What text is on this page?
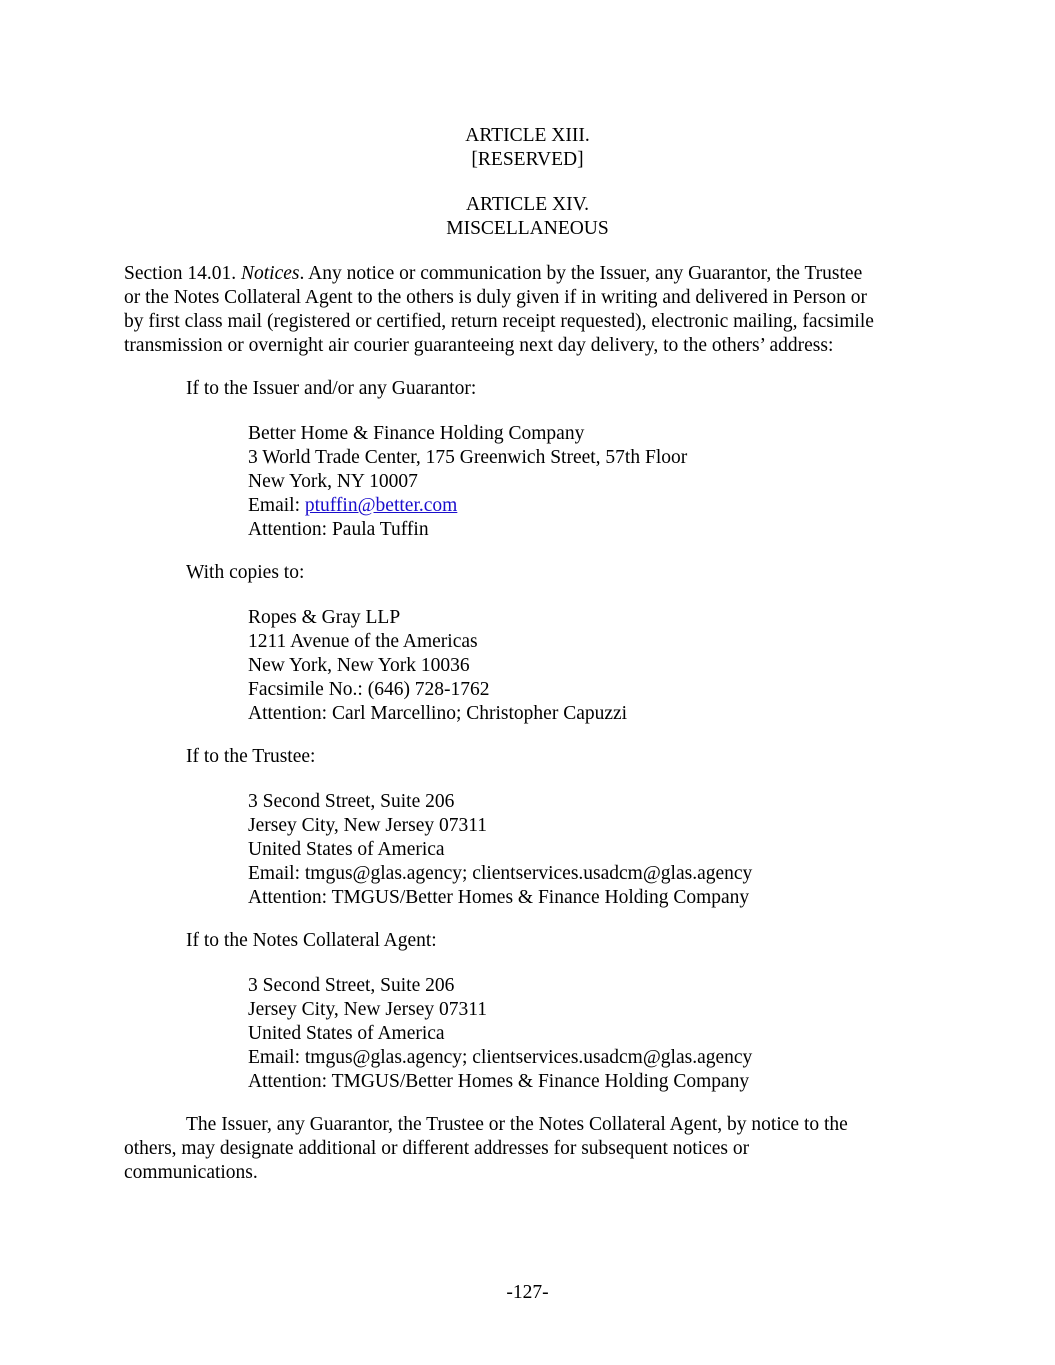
ARTICLE XIII.
[RESERVED]
ARTICLE XIV.
MISCELLANEOUS
Section 14.01. Notices. Any notice or communication by the Issuer, any Guarantor, the Trustee
or the Notes Collateral Agent to the others is duly given if in writing and delivered in Person or
by first class mail (registered or certified, return receipt requested), electronic mailing, facsimile
transmission or overnight air courier guaranteeing next day delivery, to the others’ address:
If to the Issuer and/or any Guarantor:
Better Home & Finance Holding Company
3 World Trade Center, 175 Greenwich Street, 57th Floor
New York, NY 10007
Email: ptuffin@better.com
Attention: Paula Tuffin
With copies to:
Ropes & Gray LLP
1211 Avenue of the Americas
New York, New York 10036
Facsimile No.: (646) 728-1762
Attention: Carl Marcellino; Christopher Capuzzi
If to the Trustee:
3 Second Street, Suite 206
Jersey City, New Jersey 07311
United States of America
Email: tmgus@glas.agency; clientservices.usadcm@glas.agency
Attention: TMGUS/Better Homes & Finance Holding Company
If to the Notes Collateral Agent:
3 Second Street, Suite 206
Jersey City, New Jersey 07311
United States of America
Email: tmgus@glas.agency; clientservices.usadcm@glas.agency
Attention: TMGUS/Better Homes & Finance Holding Company
The Issuer, any Guarantor, the Trustee or the Notes Collateral Agent, by notice to the
others, may designate additional or different addresses for subsequent notices or
communications.
-127-
